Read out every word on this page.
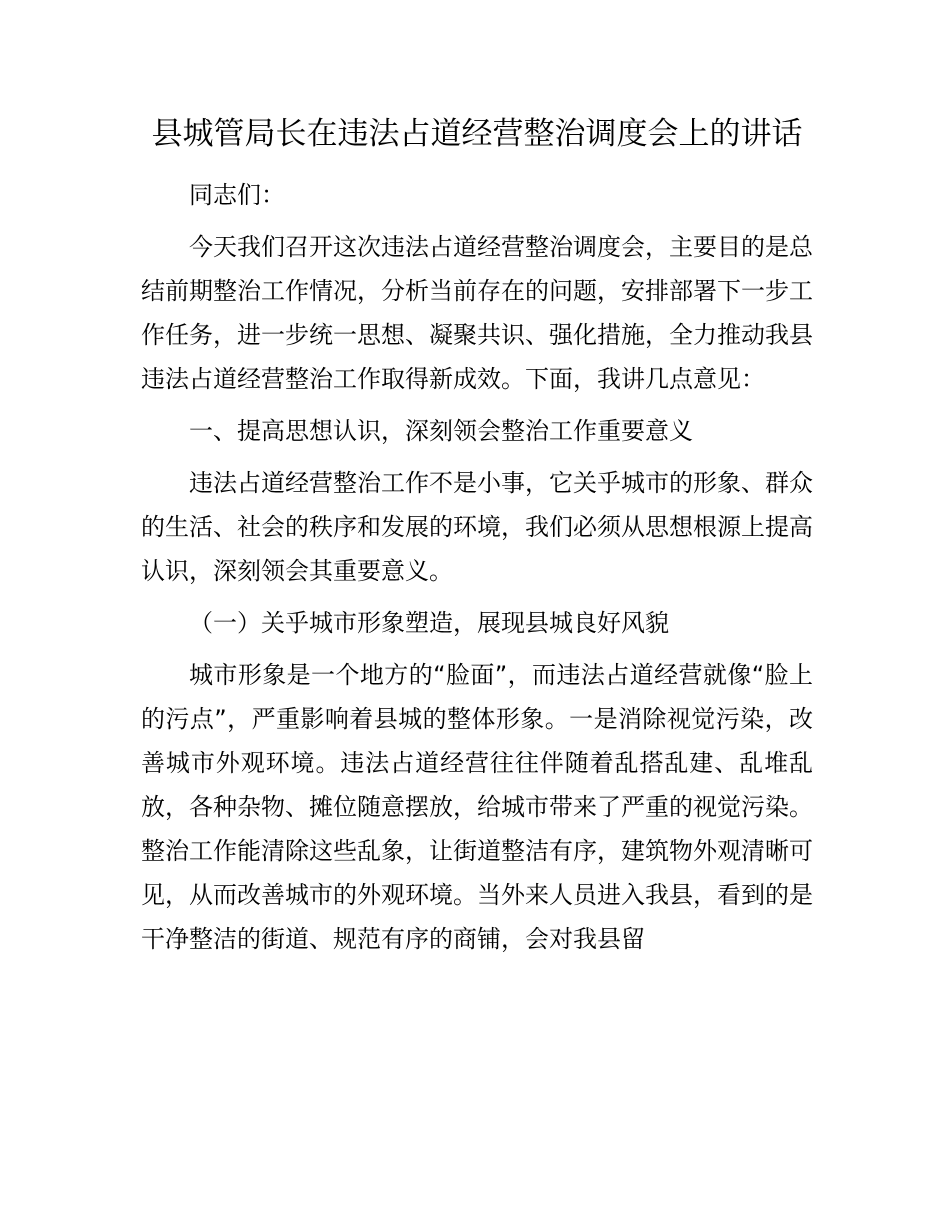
县城管局长在违法占道经营整治调度会上的讲话

同志们：

今天我们召开这次违法占道经营整治调度会，主要目的是总结前期整治工作情况，分析当前存在的问题，安排部署下一步工作任务，进一步统一思想、凝聚共识、强化措施，全力推动我县违法占道经营整治工作取得新成效。下面，我讲几点意见：

一、提高思想认识，深刻领会整治工作重要意义

违法占道经营整治工作不是小事，它关乎城市的形象、群众的生活、社会的秩序和发展的环境，我们必须从思想根源上提高认识，深刻领会其重要意义。

（一）关乎城市形象塑造，展现县城良好风貌

城市形象是一个地方的“脸面”，而违法占道经营就像“脸上的污点”，严重影响着县城的整体形象。一是消除视觉污染，改善城市外观环境。违法占道经营往往伴随着乱搭乱建、乱堆乱放，各种杂物、摊位随意摆放，给城市带来了严重的视觉污染。整治工作能清除这些乱象，让街道整洁有序，建筑物外观清晰可见，从而改善城市的外观环境。当外来人员进入我县，看到的是干净整洁的街道、规范有序的商铺，会对我县留
